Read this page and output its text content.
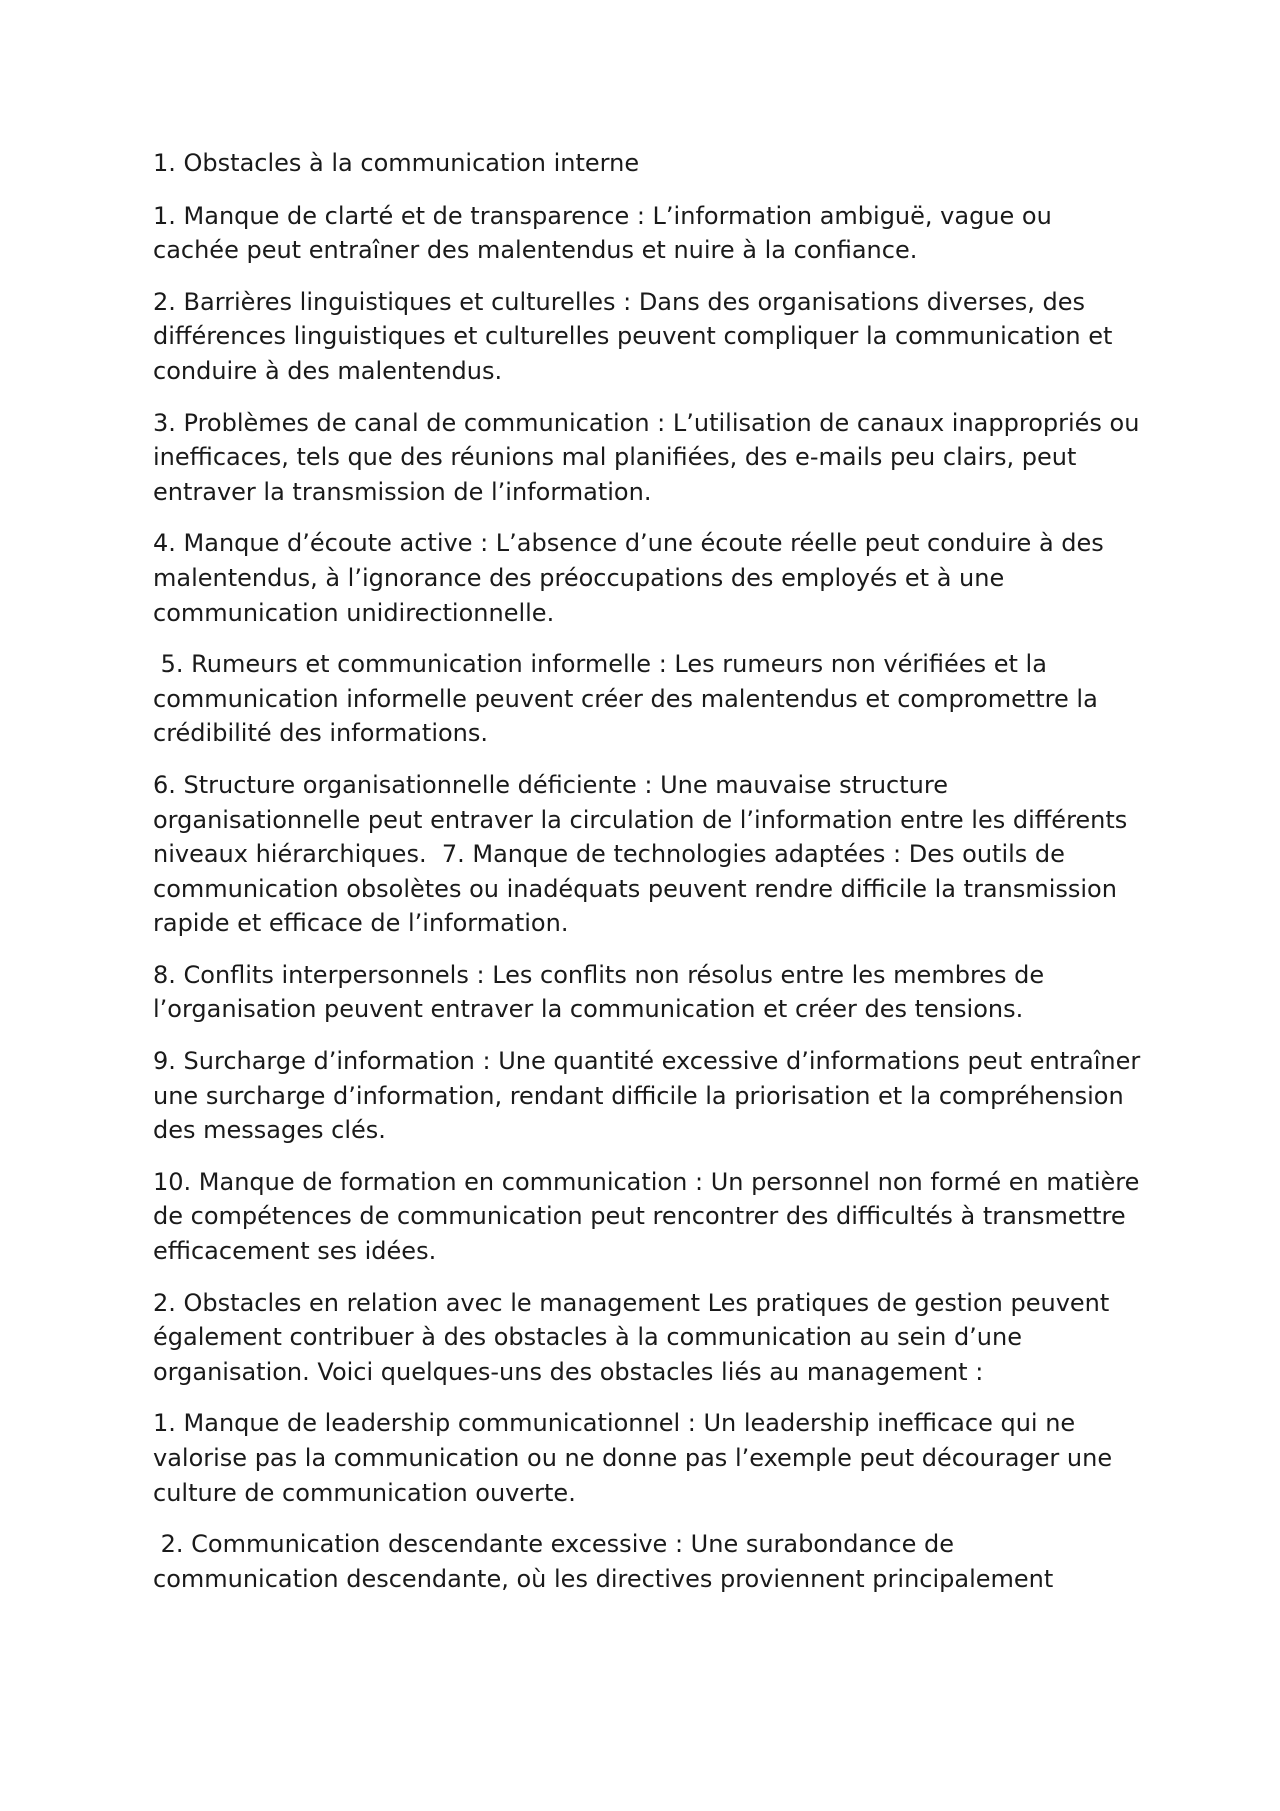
1. Obstacles à la communication interne

1. Manque de clarté et de transparence : L’information ambiguë, vague ou cachée peut entraîner des malentendus et nuire à la confiance.

2. Barrières linguistiques et culturelles : Dans des organisations diverses, des différences linguistiques et culturelles peuvent compliquer la communication et conduire à des malentendus.

3. Problèmes de canal de communication : L’utilisation de canaux inappropriés ou inefficaces, tels que des réunions mal planifiées, des e-mails peu clairs, peut entraver la transmission de l’information.

4. Manque d’écoute active : L’absence d’une écoute réelle peut conduire à des malentendus, à l’ignorance des préoccupations des employés et à une communication unidirectionnelle.

5. Rumeurs et communication informelle : Les rumeurs non vérifiées et la communication informelle peuvent créer des malentendus et compromettre la crédibilité des informations.

6. Structure organisationnelle déficiente : Une mauvaise structure organisationnelle peut entraver la circulation de l’information entre les différents niveaux hiérarchiques.  7. Manque de technologies adaptées : Des outils de communication obsolètes ou inadéquats peuvent rendre difficile la transmission rapide et efficace de l’information.

8. Conflits interpersonnels : Les conflits non résolus entre les membres de l’organisation peuvent entraver la communication et créer des tensions.

9. Surcharge d’information : Une quantité excessive d’informations peut entraîner une surcharge d’information, rendant difficile la priorisation et la compréhension des messages clés.

10. Manque de formation en communication : Un personnel non formé en matière de compétences de communication peut rencontrer des difficultés à transmettre efficacement ses idées.

2. Obstacles en relation avec le management Les pratiques de gestion peuvent également contribuer à des obstacles à la communication au sein d’une organisation. Voici quelques-uns des obstacles liés au management :

1. Manque de leadership communicationnel : Un leadership inefficace qui ne valorise pas la communication ou ne donne pas l’exemple peut décourager une culture de communication ouverte.

2. Communication descendante excessive : Une surabondance de communication descendante, où les directives proviennent principalement
